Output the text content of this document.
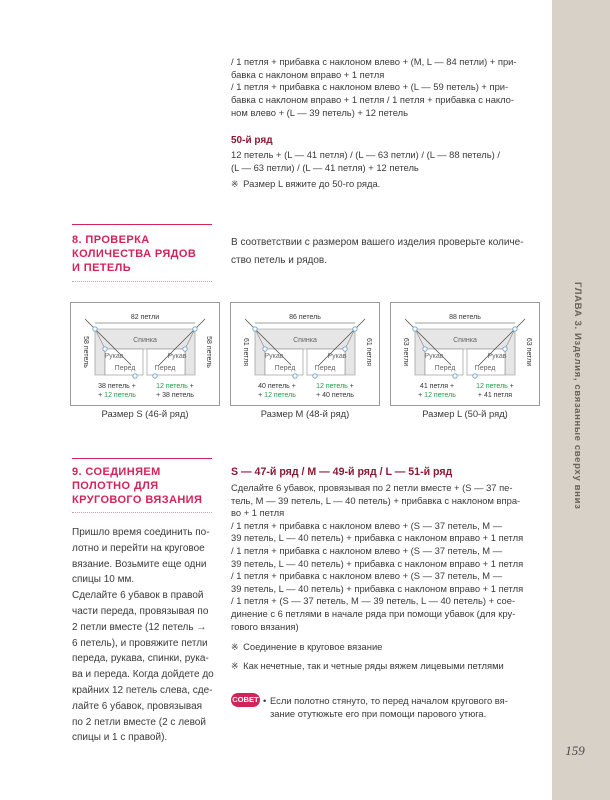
ГЛАВА 3. Изделия, связанные сверху вниз
159
/ 1 петля + прибавка с наклоном влево + (M, L — 84 петли) + при-
бавка с наклоном вправо + 1 петля
/ 1 петля + прибавка с наклоном влево + (L — 59 петель) + при-
бавка с наклоном вправо + 1 петля / 1 петля + прибавка с накло-
ном влево + (L — 39 петель) + 12 петель
50-й ряд
12 петель + (L — 41 петля) / (L — 63 петли) / (L — 88 петель) /
(L — 63 петли) / (L — 41 петля) + 12 петель
※ Размер L вяжите до 50-го ряда.
8. ПРОВЕРКА
КОЛИЧЕСТВА РЯДОВ
И ПЕТЕЛЬ
В соответствии с размером вашего изделия проверьте количе-
ство петель и рядов.
82 петли
58 петель	58 петель
Спинка
Рукав	Рукав
Перед	Перед
38 петель +
+ 12 петель
12 петель +
+ 38 петель
86 петель
61 петля	61 петля
Спинка
Рукав	Рукав
Перед	Перед
40 петель +
+ 12 петель
12 петель +
+ 40 петель
88 петель
63 петли	63 петли
Спинка
Рукав	Рукав
Перед	Перед
41 петля +
+ 12 петель
12 петель +
+ 41 петля
Размер S (46-й ряд)	Размер M (48-й ряд)	Размер L (50-й ряд)
9. СОЕДИНЯЕМ
ПОЛОТНО ДЛЯ
КРУГОВОГО ВЯЗАНИЯ
Пришло время соединить по-
лотно и перейти на круговое
вязание. Возьмите еще одни
спицы 10 мм.
Сделайте 6 убавок в правой
части переда, провязывая по
2 петли вместе (12 петель →
6 петель), и провяжите петли
переда, рукава, спинки, рука-
ва и переда. Когда дойдете до
крайних 12 петель слева, сде-
лайте 6 убавок, провязывая
по 2 петли вместе (2 с левой
спицы и 1 с правой).
S — 47-й ряд / M — 49-й ряд / L — 51-й ряд
Сделайте 6 убавок, провязывая по 2 петли вместе + (S — 37 пе-
тель, M — 39 петель, L — 40 петель) + прибавка с наклоном впра-
во + 1 петля
/ 1 петля + прибавка с наклоном влево + (S — 37 петель, M —
39 петель, L — 40 петель) + прибавка с наклоном вправо + 1 петля
/ 1 петля + прибавка с наклоном влево + (S — 37 петель, M —
39 петель, L — 40 петель) + прибавка с наклоном вправо + 1 петля
/ 1 петля + прибавка с наклоном влево + (S — 37 петель, M —
39 петель, L — 40 петель) + прибавка с наклоном вправо + 1 петля
/ 1 петля + (S — 37 петель, M — 39 петель, L — 40 петель) + сое-
динение с 6 петлями в начале ряда при помощи убавок (для кру-
гового вязания)
※ Соединение в круговое вязание
※ Как нечетные, так и четные ряды вяжем лицевыми петлями
СОВЕТ • Если полотно стянуто, то перед началом кругового вя-
зание отутюжьте его при помощи парового утюга.
